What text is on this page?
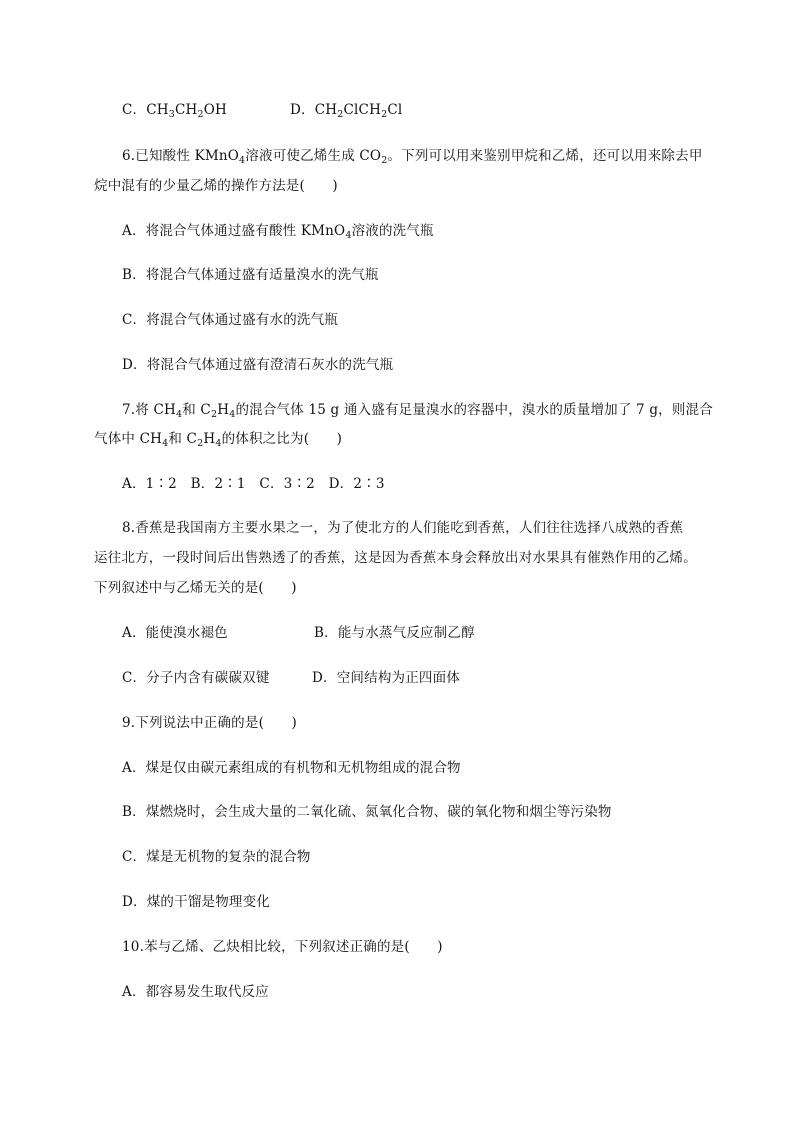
C．$CH_3CH_2OH$	D．$CH_2ClCH_2Cl$
6.已知酸性 KMnO$_4$溶液可使乙烯生成 $CO_2$。下列可以用来鉴别甲烷和乙烯，还可以用来除去甲
烷中混有的少量乙烯的操作方法是(　　)
A．将混合气体通过盛有酸性 KMnO$_4$溶液的洗气瓶
B．将混合气体通过盛有适量溴水的洗气瓶
C．将混合气体通过盛有水的洗气瓶
D．将混合气体通过盛有澄清石灰水的洗气瓶
7.将 $CH_4$和 $C_2H_4$的混合气体 15 g 通入盛有足量溴水的容器中，溴水的质量增加了 7 g，则混合
气体中 $CH_4$和 $C_2H_4$的体积之比为(　　)
A．1∶2　B．2∶1　C．3∶2　D．2∶3
8.香蕉是我国南方主要水果之一，为了使北方的人们能吃到香蕉，人们往往选择八成熟的香蕉
运往北方，一段时间后出售熟透了的香蕉，这是因为香蕉本身会释放出对水果具有催熟作用的乙烯。
下列叙述中与乙烯无关的是(　　)
A．能使溴水褪色	B．能与水蒸气反应制乙醇
C．分子内含有碳碳双键	D．空间结构为正四面体
9.下列说法中正确的是(　　)
A．煤是仅由碳元素组成的有机物和无机物组成的混合物
B．煤燃烧时，会生成大量的二氧化硫、氮氧化合物、碳的氧化物和烟尘等污染物
C．煤是无机物的复杂的混合物
D．煤的干馏是物理变化
10.苯与乙烯、乙炔相比较，下列叙述正确的是(　　)
A．都容易发生取代反应
